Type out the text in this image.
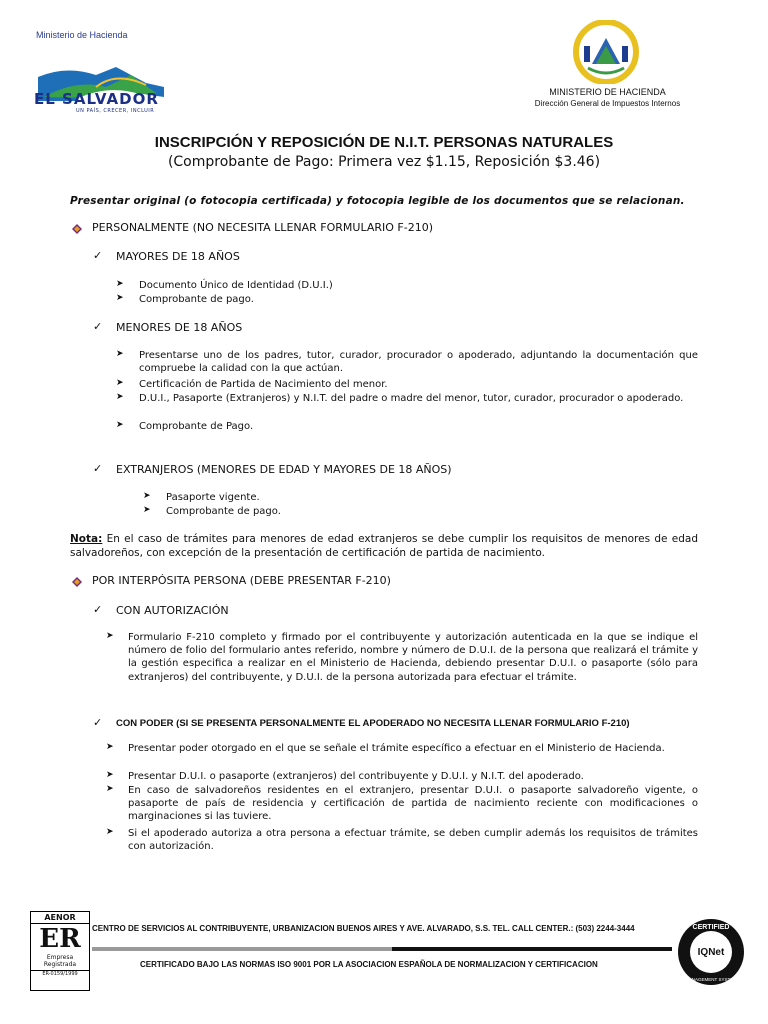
Ministerio de Hacienda
EL SALVADOR
UN PAÍS, CRECER, INCLUIR
MINISTERIO DE HACIENDA
Dirección General de Impuestos Internos
INSCRIPCIÓN Y REPOSICIÓN DE N.I.T. PERSONAS NATURALES
(Comprobante de Pago: Primera vez $1.15, Reposición $3.46)
Presentar original (o fotocopia certificada) y fotocopia legible de los documentos que se relacionan.
PERSONALMENTE (NO NECESITA LLENAR FORMULARIO F-210)
✓ MAYORES DE 18 AÑOS
➤	Documento Único de Identidad (D.U.I.)
➤	Comprobante de pago.
✓ MENORES DE 18 AÑOS
➤	Presentarse uno de los padres, tutor, curador, procurador o apoderado, adjuntando la documentación que compruebe la calidad con la que actúan.
➤	Certificación de Partida de Nacimiento del menor.
➤	D.U.I., Pasaporte (Extranjeros) y N.I.T. del padre o madre del menor, tutor, curador, procurador o apoderado.
➤	Comprobante de Pago.
✓ EXTRANJEROS (MENORES DE EDAD Y MAYORES DE 18 AÑOS)
➤	Pasaporte vigente.
➤	Comprobante de pago.
Nota: En el caso de trámites para menores de edad extranjeros se debe cumplir los requisitos de menores de edad salvadoreños, con excepción de la presentación de certificación de partida de nacimiento.
POR INTERPÓSITA PERSONA (DEBE PRESENTAR F-210)
✓ CON AUTORIZACIÓN
➤	Formulario F-210 completo y firmado por el contribuyente y autorización autenticada en la que se indique el número de folio del formulario antes referido, nombre y número de D.U.I. de la persona que realizará el trámite y la gestión especifica a realizar en el Ministerio de Hacienda, debiendo presentar D.U.I. o pasaporte (sólo para extranjeros) del contribuyente, y D.U.I. de la persona autorizada para efectuar el trámite.
✓ CON PODER (SI SE PRESENTA PERSONALMENTE EL APODERADO NO NECESITA LLENAR FORMULARIO F-210)
➤	Presentar poder otorgado en el que se señale el trámite específico a efectuar en el Ministerio de Hacienda.
➤	Presentar D.U.I. o pasaporte (extranjeros) del contribuyente y D.U.I. y N.I.T. del apoderado.
➤	En caso de salvadoreños residentes en el extranjero, presentar D.U.I. o pasaporte salvadoreño vigente, o pasaporte de país de residencia y certificación de partida de nacimiento reciente con modificaciones o marginaciones si las tuviere.
➤	Si el apoderado autoriza a otra persona a efectuar trámite, se deben cumplir además los requisitos de trámites con autorización.
AENOR
ER
Empresa Registrada
ER-0159/1999
CENTRO DE SERVICIOS AL CONTRIBUYENTE, URBANIZACION BUENOS AIRES Y AVE. ALVARADO, S.S. TEL. CALL CENTER.: (503) 2244-3444
CERTIFICADO BAJO LAS NORMAS ISO 9001 POR LA ASOCIACION ESPAÑOLA DE NORMALIZACION Y CERTIFICACION
CERTIFIED
IQNet
MANAGEMENT SYSTEM
